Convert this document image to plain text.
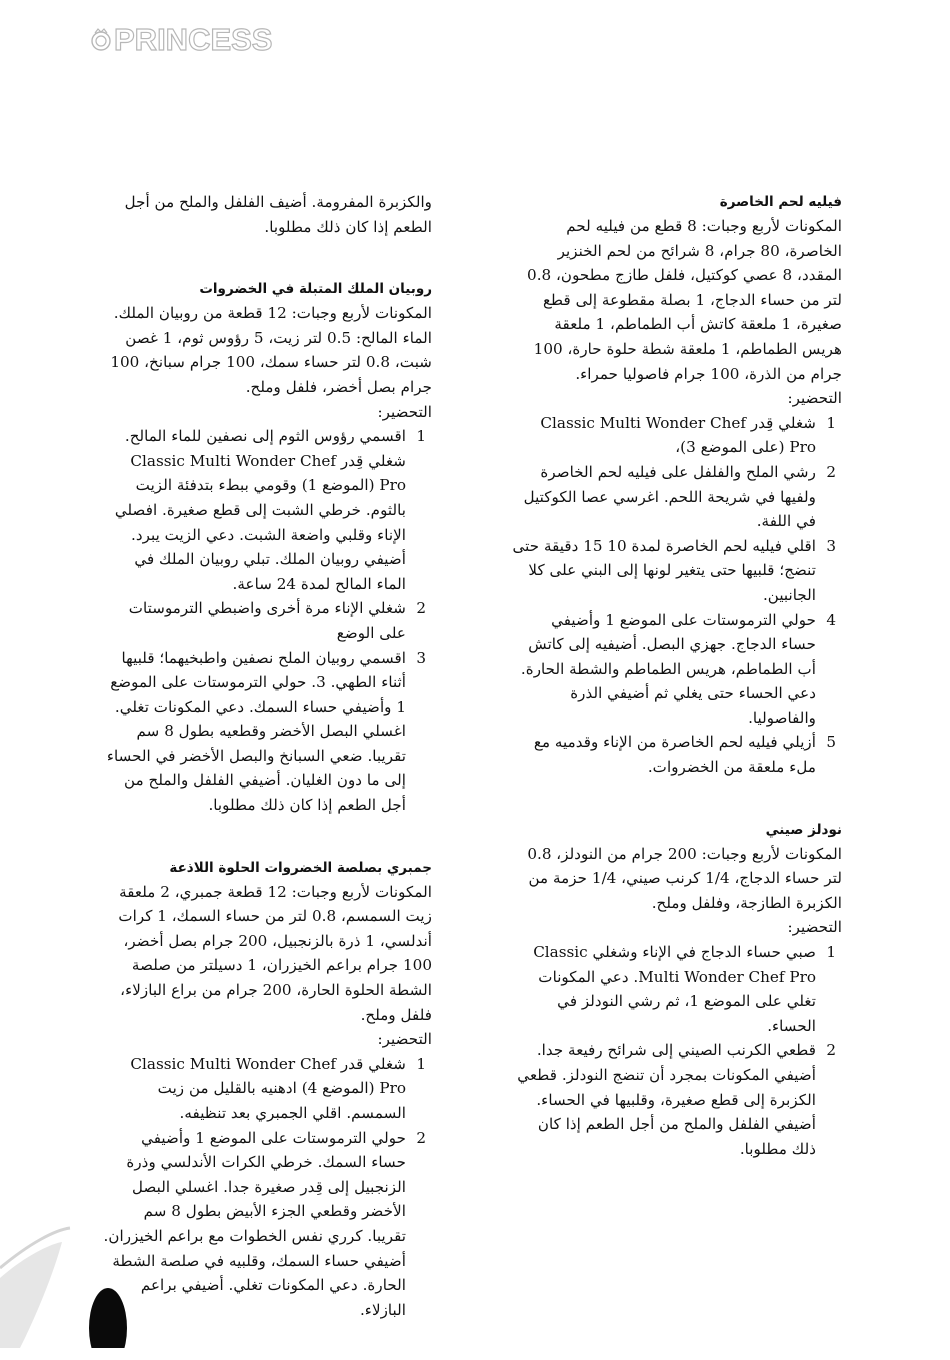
PRINCESS
فيليه لحم الخاصرة

المكونات لأربع وجبات: 8 قطع من فيليه لحم الخاصرة، 80 جرام، 8 شرائح من لحم الخنزير المقدد، 8 عصي كوكتيل، فلفل طازج مطحون، 0.8 لتر من حساء الدجاج، 1 بصلة مقطوعة إلى قطع صغيرة، 1 ملعقة كاتش أب الطماطم، 1 ملعقة هريس الطماطم، 1 ملعقة شطة حلوة حارة، 100 جرام من الذرة، 100 جرام فاصوليا حمراء.

التحضير:

1
شغلي قِدر Classic Multi Wonder Chef Pro (على الموضع 3)،
2
رشي الملح والفلفل على فيليه لحم الخاصرة ولفيها في شريحة اللحم. اغرسي عصا الكوكتيل في اللفة.
3
اقلي فيليه لحم الخاصرة لمدة 10 15 دقيقة حتى تنضج؛ قلبيها حتى يتغير لونها إلى البني على كلا الجانبين.
4
حولي الترموستات على الموضع 1 وأضيفي حساء الدجاج. جهزي البصل. أضيفيه إلى كاتش أب الطماطم، هريس الطماطم والشطة الحارة. دعي الحساء حتى يغلي ثم أضيفي الذرة والفاصوليا.
5
أزيلي فيليه لحم الخاصرة من الإناء وقدميه مع ملء ملعقة من الخضروات.
نودلز صيني

المكونات لأربع وجبات: 200 جرام من النودلز، 0.8 لتر حساء الدجاج، 1/4 كرنب صيني، 1/4 حزمة من الكزبرة الطازجة، وفلفل وملح.

التحضير:

1
صبي حساء الدجاج في الإناء وشغلي Classic Multi Wonder Chef Pro. دعي المكونات تغلي على الموضع 1، ثم رشي النودلز في الحساء.
2
قطعي الكرنب الصيني إلى شرائح رفيعة جدا. أضيفي المكونات بمجرد أن تنضج النودلز. قطعي الكزبرة إلى قطع صغيرة، وقلبيها في الحساء. أضيفي الفلفل والملح من أجل الطعم إذا كان ذلك مطلوبا.

والكزبرة المفرومة. أضيف الفلفل والملح من أجل الطعم إذا كان ذلك مطلوبا.

روبيان الملك المتبلة في الخضروات

المكونات لأربع وجبات: 12 قطعة من روبيان الملك. الماء المالح: 0.5 لتر زيت، 5 رؤوس ثوم، 1 غصن شبت، 0.8 لتر حساء سمك، 100 جرام سبانخ، 100 جرام بصل أخضر، فلفل وملح.

التحضير:

1
اقسمي رؤوس الثوم إلى نصفين للماء المالح. شغلي قِدر Classic Multi Wonder Chef Pro (الموضع 1) وقومي ببطء بتدفئة الزيت بالثوم. خرطي الشبت إلى قطع صغيرة. افصلي الإناء وقلبي واضعة الشبت. دعي الزيت يبرد. أضيفي روبيان الملك. تبلي روبيان الملك في الماء المالح لمدة 24 ساعة.
2
شغلي الإناء مرة أخرى واضبطي الترموستات على الوضع
3
اقسمي روبيان الملح نصفين واطبخيهما؛ قلبيها أثناء الطهي. 3. حولي الترموستات على الموضع 1 وأضيفي حساء السمك. دعي المكونات تغلي. اغسلي البصل الأخضر وقطعيه بطول 8 سم تقريبا. ضعي السبانخ والبصل الأخضر في الحساء إلى ما دون الغليان. أضيفي الفلفل والملح من أجل الطعم إذا كان ذلك مطلوبا.
جمبري بصلصة الخضروات الحلوة اللاذعة

المكونات لأربع وجبات: 12 قطعة جمبري، 2 ملعقة زيت السمسم، 0.8 لتر من حساء السمك، 1 كرات أندلسي، 1 ذرة بالزنجبيل، 200 جرام بصل أخضر، 100 جرام براعم الخيزران، 1 دسيلتر من صلصة الشطة الحلوة الحارة، 200 جرام من براع البازلاء، فلفل وملح.

التحضير:

1
شغلي قدر Classic Multi Wonder Chef Pro (الموضع 4) ادهنيه بالقليل من زيت السمسم. اقلي الجمبري بعد تنظيفه.
2
حولي الترموستات على الموضع 1 وأضيفي حساء السمك. خرطي الكرات الأندلسي وذرة الزنجبيل إلى قِدر صغيرة جدا. اغسلي البصل الأخضر وقطعي الجزء الأبيض بطول 8 سم تقريبا. كرري نفس الخطوات مع براعم الخيزران. أضيفي حساء السمك، وقلبيه في صلصة الشطة الحارة. دعي المكونات تغلي. أضيفي براعم البازلاء.
